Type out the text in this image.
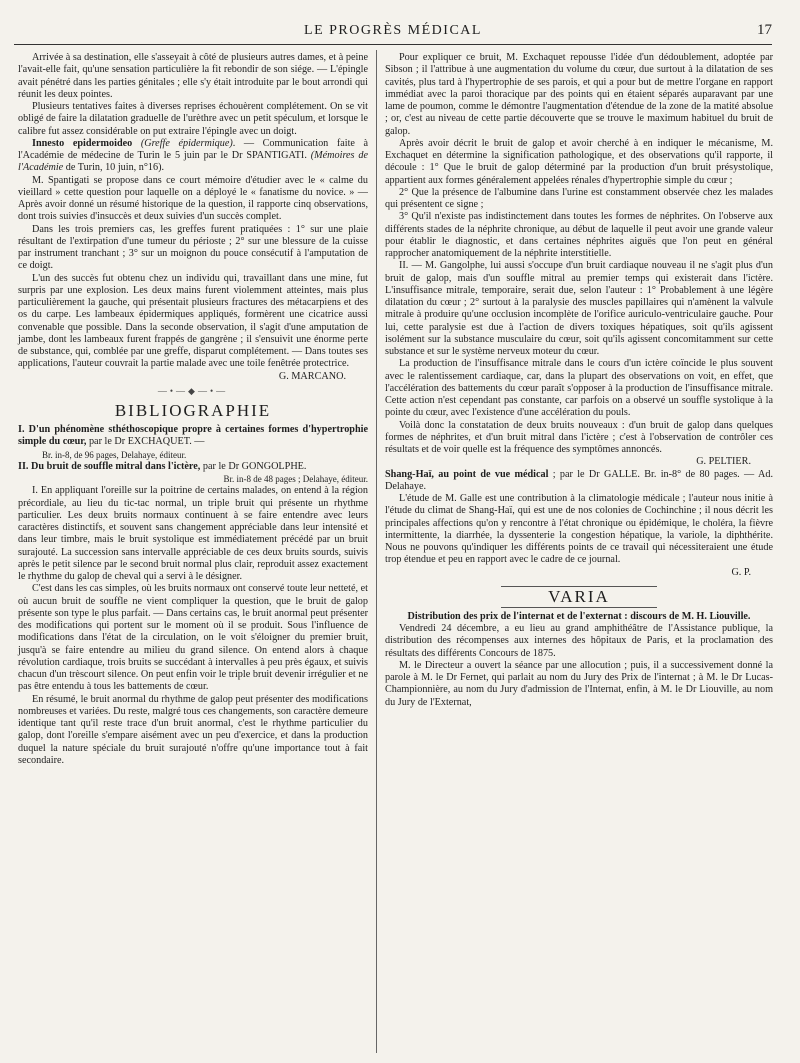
LE PROGRÈS MÉDICAL	17

Arrivée à sa destination, elle s'asseyait à côté de plusieurs autres dames, et à peine l'avait-elle fait, qu'une sensation particulière la fit rebondir de son siége. — L'épingle avait pénétré dans les parties génitales ; elle s'y était introduite par le bout arrondi qui réunit les deux pointes.

Plusieurs tentatives faites à diverses reprises échouèrent complétement. On se vit obligé de faire la dilatation graduelle de l'urèthre avec un petit spéculum, et lorsque le calibre fut assez considérable on put extraire l'épingle avec un doigt.

Innesto epidermoideo (Greffe épidermique). — Communication faite à l'Académie de médecine de Turin le 5 juin par le Dr SPANTIGATI. (Mémoires de l'Académie de Turin, 10 juin, n°16).

M. Spantigati se propose dans ce court mémoire d'étudier avec le « calme du vieillard » cette question pour laquelle on a déployé le « fanatisme du novice. » — Après avoir donné un résumé historique de la question, il rapporte cinq observations, dont trois suivies d'insuccès et deux suivies d'un succès complet.

Dans les trois premiers cas, les greffes furent pratiquées : 1° sur une plaie résultant de l'extirpation d'une tumeur du périoste ; 2° sur une blessure de la cuisse par instrument tranchant ; 3° sur un moignon du pouce consécutif à l'amputation de ce doigt.

L'un des succès fut obtenu chez un individu qui, travaillant dans une mine, fut surpris par une explosion. Les deux mains furent violemment atteintes, mais plus particulièrement la gauche, qui présentait plusieurs fractures des métacarpiens et des os du carpe. Les lambeaux épidermiques appliqués, formèrent une cicatrice aussi convenable que possible. Dans la seconde observation, il s'agit d'une amputation de jambe, dont les lambeaux furent frappés de gangrène ; il s'ensuivit une énorme perte de substance, qui, comblée par une greffe, disparut complétement. — Dans toutes ses applications, l'auteur couvrait la partie malade avec une toile fenêtrée protectrice.

G. MARCANO.

—•—◆—•—
BIBLIOGRAPHIE

I. D'un phénomène sthéthoscopique propre à certaines formes d'hypertrophie simple du cœur, par le Dr EXCHAQUET. —

Br. in-8, de 96 pages, Delahaye, éditeur.

II. Du bruit de souffle mitral dans l'ictère, par le Dr GONGOLPHE.

Br. in-8 de 48 pages ; Delahaye, éditeur.

I. En appliquant l'oreille sur la poitrine de certains malades, on entend à la région précordiale, au lieu du tic-tac normal, un triple bruit qui présente un rhythme particulier. Les deux bruits normaux continuent à se faire entendre avec leurs caractères distinctifs, et souvent sans changement appréciable dans leur intensité et dans leur timbre, mais le bruit systolique est immédiatement précédé par un bruit surajouté. La succession sans intervalle appréciable de ces deux bruits sourds, suivis après le petit silence par le second bruit normal plus clair, reproduit assez exactement le rhythme du galop de cheval qui a servi à le désigner.

C'est dans les cas simples, où les bruits normaux ont conservé toute leur netteté, et où aucun bruit de souffle ne vient compliquer la question, que le bruit de galop présente son type le plus parfait. — Dans certains cas, le bruit anormal peut présenter des modifications qui portent sur le moment où il se produit. Sous l'influence de modifications dans l'état de la circulation, on le voit s'éloigner du premier bruit, jusqu'à se faire entendre au milieu du grand silence. On entend alors à chaque révolution cardiaque, trois bruits se succédant à intervalles à peu près égaux, et suivis chacun d'un trèscourt silence. On peut enfin voir le triple bruit devenir irrégulier et ne pas être entendu à tous les battements de cœur.

En résumé, le bruit anormal du rhythme de galop peut présenter des modifications nombreuses et variées. Du reste, malgré tous ces changements, son caractère demeure identique tant qu'il reste trace d'un bruit anormal, c'est le rhythme particulier du galop, dont l'oreille s'empare aisément avec un peu d'exercice, et dans la production duquel la nature spéciale du bruit surajouté n'offre qu'une importance tout à fait secondaire.

Pour expliquer ce bruit, M. Exchaquet repousse l'idée d'un dédoublement, adoptée par Sibson ; il l'attribue à une augmentation du volume du cœur, due surtout à la dilatation de ses cavités, plus tard à l'hypertrophie de ses parois, et qui a pour but de mettre l'organe en rapport immédiat avec la paroi thoracique par des points qui en étaient séparés auparavant par une lame de poumon, comme le démontre l'augmentation d'étendue de la zone de la matité absolue ; or, c'est au niveau de cette partie découverte que se trouve le maximum habituel du bruit de galop.

Après avoir décrit le bruit de galop et avoir cherché à en indiquer le mécanisme, M. Exchaquet en détermine la signification pathologique, et des observations qu'il rapporte, il découle : 1° Que le bruit de galop déterminé par la production d'un bruit présystolique, appartient aux formes généralement appelées rénales d'hypertrophie simple du cœur ;

2° Que la présence de l'albumine dans l'urine est constamment observée chez les malades qui présentent ce signe ;

3° Qu'il n'existe pas indistinctement dans toutes les formes de néphrites. On l'observe aux différents stades de la néphrite chronique, au début de laquelle il peut avoir une grande valeur pour établir le diagnostic, et dans certaines néphrites aiguës que l'on peut en général rapprocher anatomiquement de la néphrite interstitielle.

II. — M. Gangolphe, lui aussi s'occupe d'un bruit cardiaque nouveau il ne s'agit plus d'un bruit de galop, mais d'un souffle mitral au premier temps qui existerait dans l'ictère. L'insuffisance mitrale, temporaire, serait due, selon l'auteur : 1° Probablement à une légère dilatation du cœur ; 2° surtout à la paralysie des muscles papillaires qui n'amènent la valvule mitrale à produire qu'une occlusion incomplète de l'orifice auriculo-ventriculaire gauche. Pour lui, cette paralysie est due à l'action de divers toxiques hépatiques, soit qu'ils agissent isolément sur la substance musculaire du cœur, soit qu'ils agissent concomitamment sur cette substance et sur le système nerveux moteur du cœur.

La production de l'insuffisance mitrale dans le cours d'un ictère coïncide le plus souvent avec le ralentissement cardiaque, car, dans la plupart des observations on voit, en effet, que l'accélération des battements du cœur paraît s'opposer à la production de l'insuffisance mitrale. Cette action n'est cependant pas constante, car parfois on a observé un souffle systolique à la pointe du cœur, avec l'existence d'une accélération du pouls.

Voilà donc la constatation de deux bruits nouveaux : d'un bruit de galop dans quelques formes de néphrites, et d'un bruit mitral dans l'ictère ; c'est à l'observation de contrôler ces résultats et de voir quelle est la fréquence des symptômes annoncés.

G. PELTIER.

Shang-Haï, au point de vue médical ; par le Dr GALLE. Br. in-8° de 80 pages. — Ad. Delahaye.

L'étude de M. Galle est une contribution à la climatologie médicale ; l'auteur nous initie à l'étude du climat de Shang-Haï, qui est une de nos colonies de Cochinchine ; il nous décrit les principales affections qu'on y rencontre à l'état chronique ou épidémique, le choléra, la fièvre intermittente, la diarrhée, la dyssenterie la congestion hépatique, la variole, la diphthérite. Nous ne pouvons qu'indiquer les différents points de ce travail qui nécessiteraient une étude trop étendue et peu en rapport avec le cadre de ce journal.

G. P.

VARIA

Distribution des prix de l'internat et de l'externat : discours de M. H. Liouville.

Vendredi 24 décembre, a eu lieu au grand amphithéâtre de l'Assistance publique, la distribution des récompenses aux internes des hôpitaux de Paris, et la proclamation des résultats des différents Concours de 1875.

M. le Directeur a ouvert la séance par une allocution ; puis, il a successivement donné la parole à M. le Dr Fernet, qui parlait au nom du Jury des Prix de l'internat ; à M. le Dr Lucas-Championnière, au nom du Jury d'admission de l'Internat, enfin, à M. le Dr Liouville, au nom du Jury de l'Externat,
